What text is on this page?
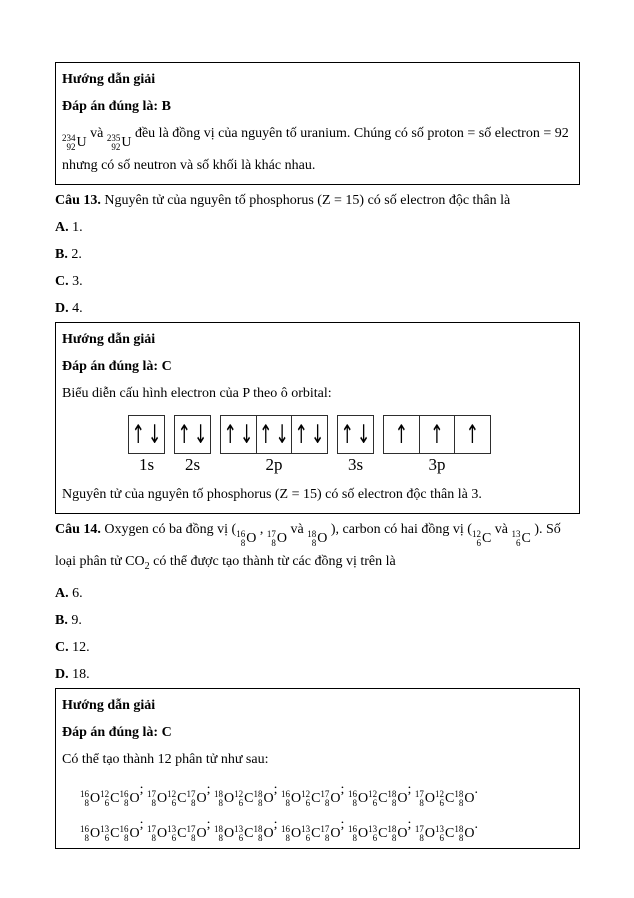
Hướng dẫn giải

Đáp án đúng là: B

234
92 U
và 235
92 U
đều là đồng vị của nguyên tố uranium. Chúng có số proton = số electron = 92 nhưng có số neutron và số khối là khác nhau.

Câu 13. Nguyên tử của nguyên tố phosphorus (Z = 15) có số electron độc thân là

A. 1.

B. 2.

C. 3.

D. 4.

Hướng dẫn giải

Đáp án đúng là: C

Biểu diễn cấu hình electron của P theo ô orbital:

↑ ↓
1s
↑ ↓
2s
↑ ↓ ↑ ↓ ↑ ↓
2p
↑ ↓
3s
↑ ↑ ↑
3p

Nguyên tử của nguyên tố phosphorus (Z = 15) có số electron độc thân là 3.

Câu 14. Oxygen có ba đồng vị ( 16
8 O
, 17
8 O
và 18
8 O
), carbon có hai đồng vị ( 12
6 C
và 13
6 C
). Số loại phân tử $CO_2$ có thể được tạo thành từ các đồng vị trên là

A. 6.

B. 9.

C. 12.

D. 18.

Hướng dẫn giải

Đáp án đúng là: C

Có thể tạo thành 12 phân tử như sau:

16
8 O 12
6 C 16
8 O
; 17
8 O 12
6 C 17
8 O
; 18
8 O 12
6 C 18
8 O
; 16
8 O 12
6 C 17
8 O
; 16
8 O 12
6 C 18
8 O
; 17
8 O 12
6 C 18
8 O
.

16
8 O 13
6 C 16
8 O
; 17
8 O 13
6 C 17
8 O
; 18
8 O 13
6 C 18
8 O
; 16
8 O 13
6 C 17
8 O
; 16
8 O 13
6 C 18
8 O
; 17
8 O 13
6 C 18
8 O
.
